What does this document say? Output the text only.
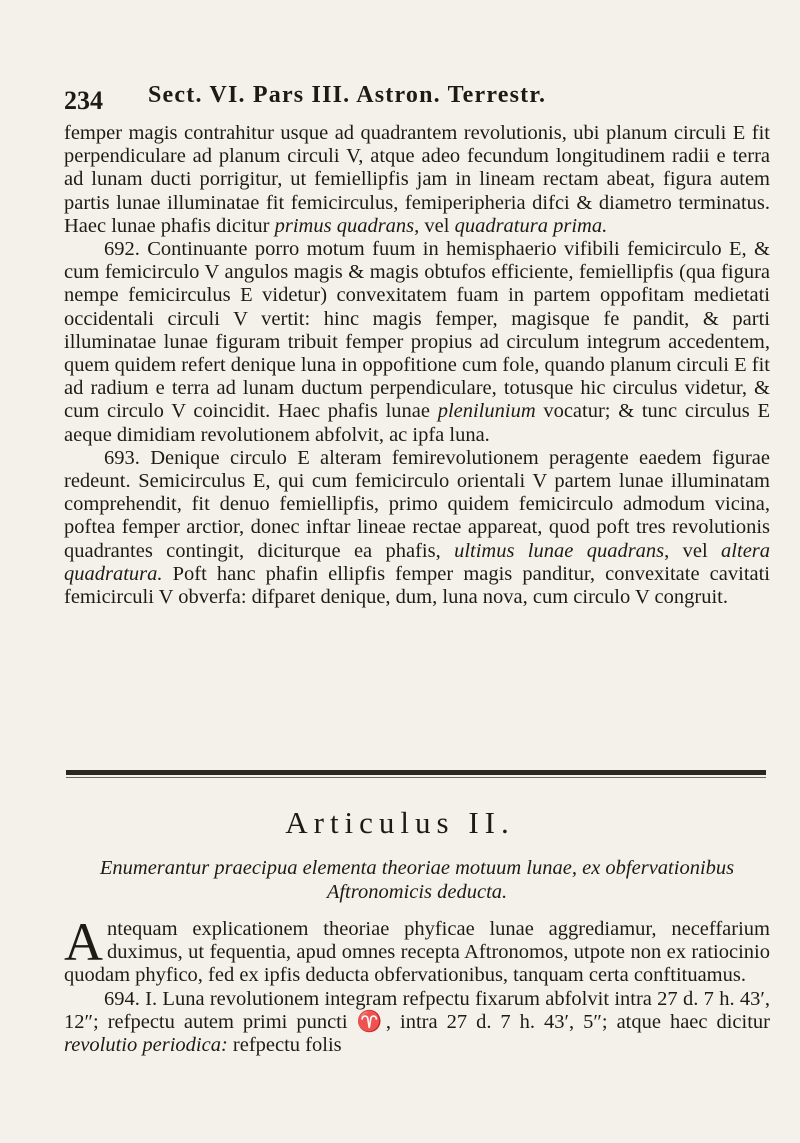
234 Sect. VI. Pars III. Astron. Terrestr.

femper magis contrahitur usque ad quadrantem revolutionis, ubi planum circuli E fit perpendiculare ad planum circuli V, atque adeo fecundum longitudinem radii e terra ad lunam ducti porrigitur, ut femiellipfis jam in lineam rectam abeat, figura autem partis lunae illuminatae fit femicirculus, femiperipheria difci & diametro terminatus. Haec lunae phafis dicitur primus quadrans, vel quadratura prima.

692. Continuante porro motum fuum in hemisphaerio vifibili femicirculo E, & cum femicirculo V angulos magis & magis obtufos efficiente, femiellipfis (qua figura nempe femicirculus E videtur) convexitatem fuam in partem oppofitam medietati occidentali circuli V vertit: hinc magis femper, magisque fe pandit, & parti illuminatae lunae figuram tribuit femper propius ad circulum integrum accedentem, quem quidem refert denique luna in oppofitione cum fole, quando planum circuli E fit ad radium e terra ad lunam ductum perpendiculare, totusque hic circulus videtur, & cum circulo V coincidit. Haec phafis lunae plenilunium vocatur; & tunc circulus E aeque dimidiam revolutionem abfolvit, ac ipfa luna.

693. Denique circulo E alteram femirevolutionem peragente eaedem figurae redeunt. Semicirculus E, qui cum femicirculo orientali V partem lunae illuminatam comprehendit, fit denuo femiellipfis, primo quidem femicirculo admodum vicina, poftea femper arctior, donec inftar lineae rectae appareat, quod poft tres revolutionis quadrantes contingit, diciturque ea phafis, ultimus lunae quadrans, vel altera quadratura. Poft hanc phafin ellipfis femper magis panditur, convexitate cavitati femicirculi V obverfa: difparet denique, dum, luna nova, cum circulo V congruit.

Articulus II.
Enumerantur praecipua elementa theoriae motuum lunae, ex obfervationibus Aftronomicis deducta.

Antequam explicationem theoriae phyficae lunae aggrediamur, neceffarium duximus, ut fequentia, apud omnes recepta Aftronomos, utpote non ex ratiocinio quodam phyfico, fed ex ipfis deducta obfervationibus, tanquam certa conftituamus.

694. I. Luna revolutionem integram refpectu fixarum abfolvit intra 27 d. 7 h. 43′, 12″; refpectu autem primi puncti ♈, intra 27 d. 7 h. 43′, 5″; atque haec dicitur revolutio periodica: refpectu folis
